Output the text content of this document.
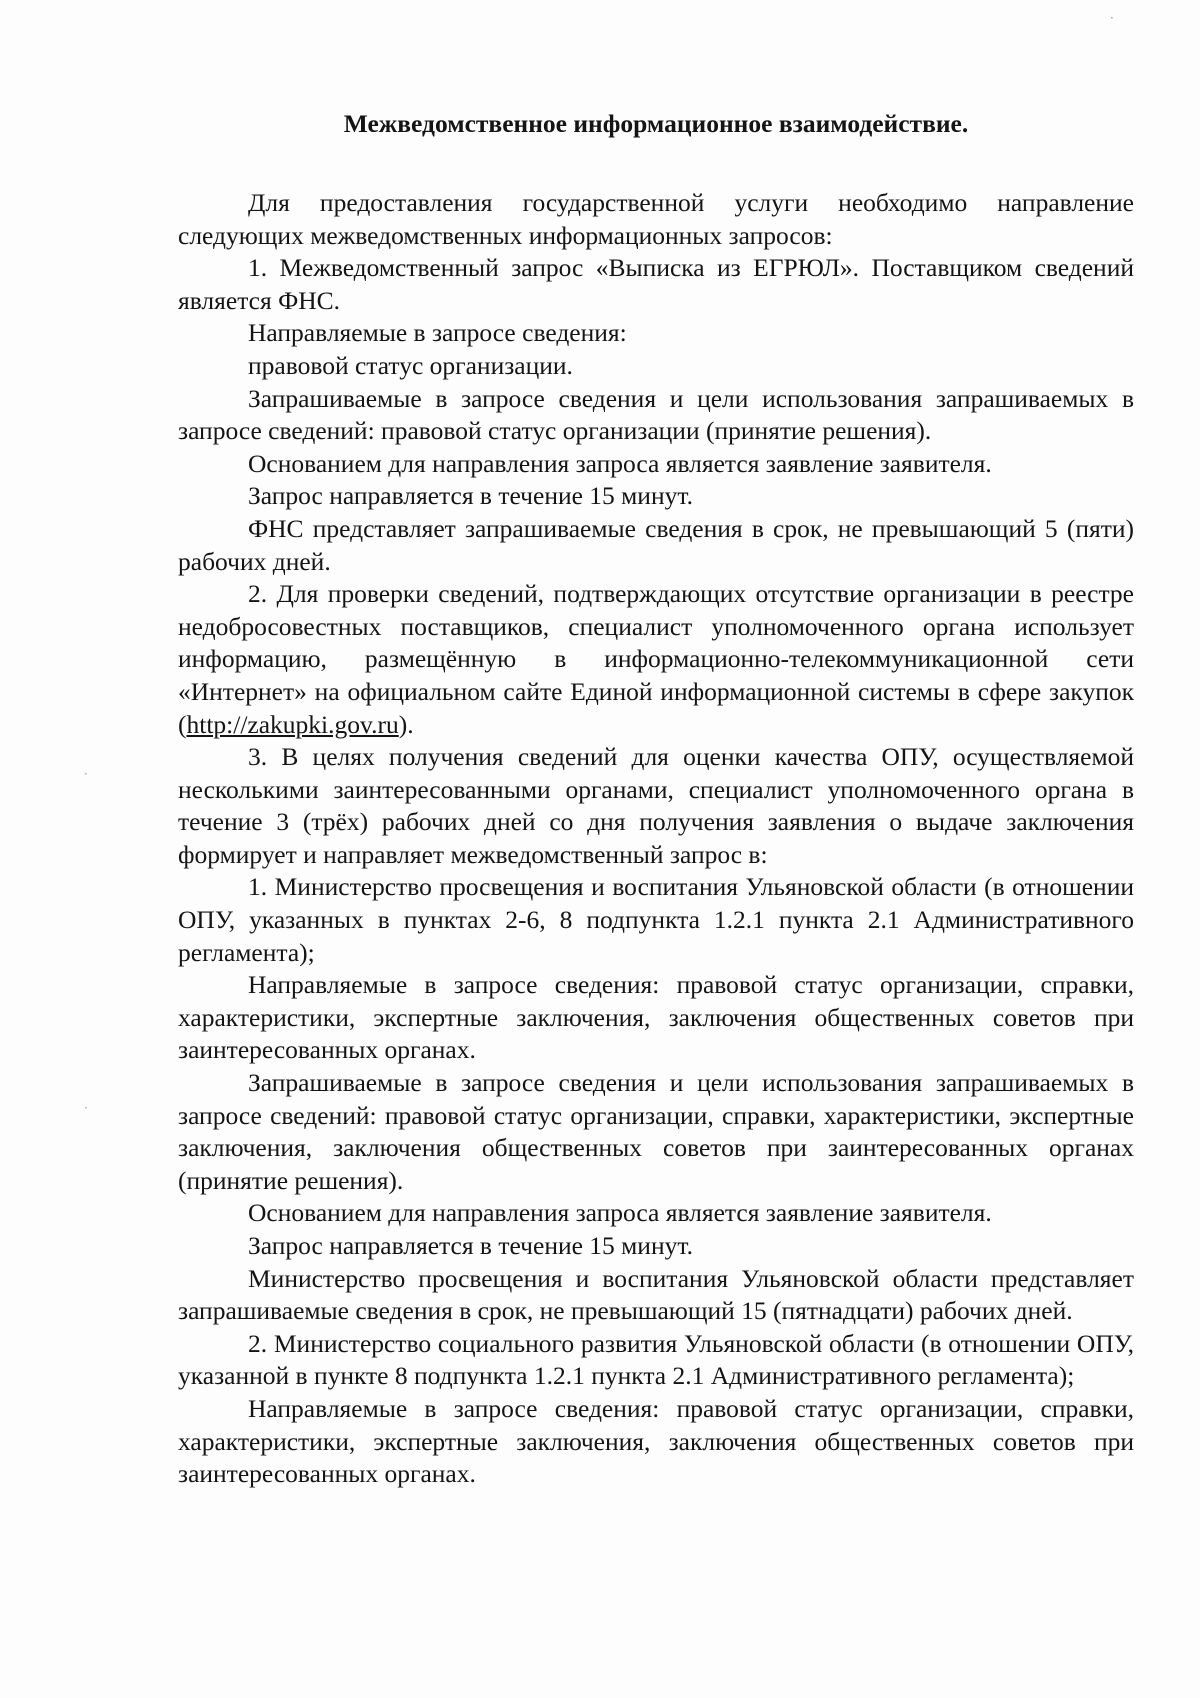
Межведомственное информационное взаимодействие.

Для предоставления государственной услуги необходимо направление следующих межведомственных информационных запросов:

1. Межведомственный запрос «Выписка из ЕГРЮЛ». Поставщиком сведений является ФНС.

Направляемые в запросе сведения:

правовой статус организации.

Запрашиваемые в запросе сведения и цели использования запрашиваемых в запросе сведений: правовой статус организации (принятие решения).

Основанием для направления запроса является заявление заявителя.

Запрос направляется в течение 15 минут.

ФНС представляет запрашиваемые сведения в срок, не превышающий 5 (пяти) рабочих дней.

2. Для проверки сведений, подтверждающих отсутствие организации в реестре недобросовестных поставщиков, специалист уполномоченного органа использует информацию, размещённую в информационно-телекоммуникационной сети «Интернет» на официальном сайте Единой информационной системы в сфере закупок (http://zakupki.gov.ru).

3. В целях получения сведений для оценки качества ОПУ, осуществляемой несколькими заинтересованными органами, специалист уполномоченного органа в течение 3 (трёх) рабочих дней со дня получения заявления о выдаче заключения формирует и направляет межведомственный запрос в:

1. Министерство просвещения и воспитания Ульяновской области (в отношении ОПУ, указанных в пунктах 2-6, 8 подпункта 1.2.1 пункта 2.1 Административного регламента);

Направляемые в запросе сведения: правовой статус организации, справки, характеристики, экспертные заключения, заключения общественных советов при заинтересованных органах.

Запрашиваемые в запросе сведения и цели использования запрашиваемых в запросе сведений: правовой статус организации, справки, характеристики, экспертные заключения, заключения общественных советов при заинтересованных органах (принятие решения).

Основанием для направления запроса является заявление заявителя.

Запрос направляется в течение 15 минут.

Министерство просвещения и воспитания Ульяновской области представляет запрашиваемые сведения в срок, не превышающий 15 (пятнадцати) рабочих дней.

2. Министерство социального развития Ульяновской области (в отношении ОПУ, указанной в пункте 8 подпункта 1.2.1 пункта 2.1 Административного регламента);

Направляемые в запросе сведения: правовой статус организации, справки, характеристики, экспертные заключения, заключения общественных советов при заинтересованных органах.

·
·
·
